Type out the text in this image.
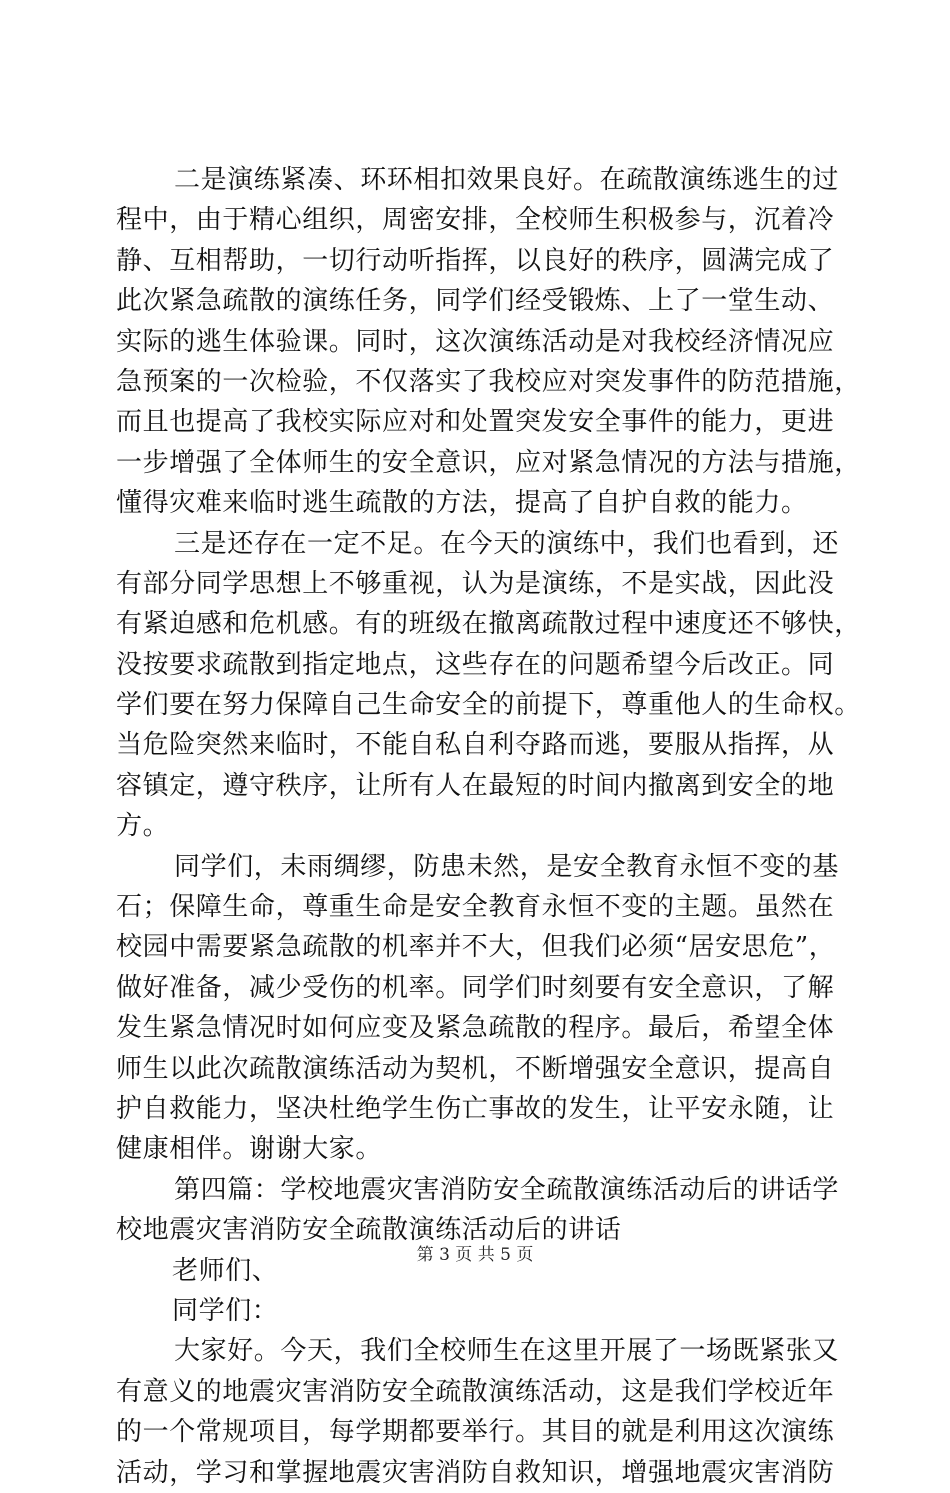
二是演练紧凑、环环相扣效果良好。在疏散演练逃生的过
程中，由于精心组织，周密安排，全校师生积极参与，沉着冷
静、互相帮助，一切行动听指挥，以良好的秩序，圆满完成了
此次紧急疏散的演练任务，同学们经受锻炼、上了一堂生动、
实际的逃生体验课。同时，这次演练活动是对我校经济情况应
急预案的一次检验，不仅落实了我校应对突发事件的防范措施，
而且也提高了我校实际应对和处置突发安全事件的能力，更进
一步增强了全体师生的安全意识，应对紧急情况的方法与措施，
懂得灾难来临时逃生疏散的方法，提高了自护自救的能力。
三是还存在一定不足。在今天的演练中，我们也看到，还
有部分同学思想上不够重视，认为是演练，不是实战，因此没
有紧迫感和危机感。有的班级在撤离疏散过程中速度还不够快，
没按要求疏散到指定地点，这些存在的问题希望今后改正。同
学们要在努力保障自己生命安全的前提下，尊重他人的生命权。
当危险突然来临时，不能自私自利夺路而逃，要服从指挥，从
容镇定，遵守秩序，让所有人在最短的时间内撤离到安全的地
方。
同学们，未雨绸缪，防患未然，是安全教育永恒不变的基
石；保障生命，尊重生命是安全教育永恒不变的主题。虽然在
校园中需要紧急疏散的机率并不大，但我们必须“居安思危”，
做好准备，减少受伤的机率。同学们时刻要有安全意识，了解
发生紧急情况时如何应变及紧急疏散的程序。最后，希望全体
师生以此次疏散演练活动为契机，不断增强安全意识，提高自
护自救能力，坚决杜绝学生伤亡事故的发生，让平安永随，让
健康相伴。谢谢大家。
第四篇：学校地震灾害消防安全疏散演练活动后的讲话学
校地震灾害消防安全疏散演练活动后的讲话
老师们、
同学们：
大家好。今天，我们全校师生在这里开展了一场既紧张又
有意义的地震灾害消防安全疏散演练活动，这是我们学校近年
的一个常规项目，每学期都要举行。其目的就是利用这次演练
活动，学习和掌握地震灾害消防自救知识，增强地震灾害消防
第 3 页 共 5 页
